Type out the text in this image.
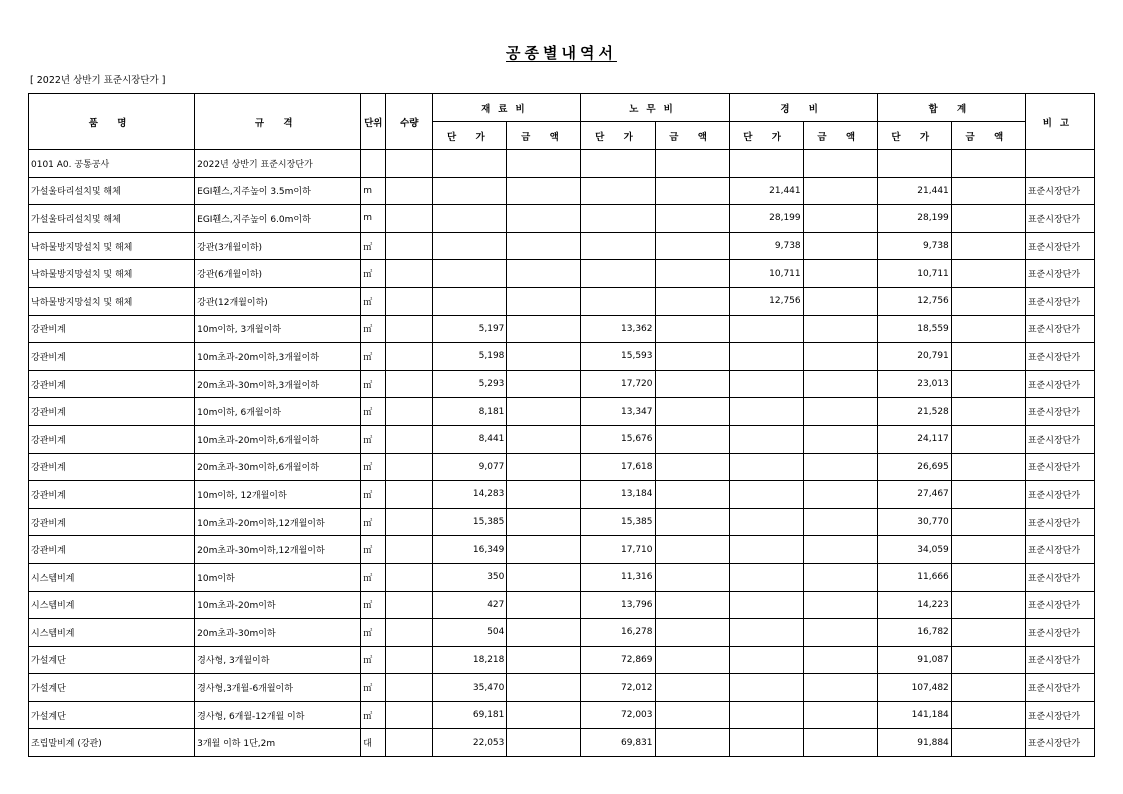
공종별내역서
[ 2022년 상반기 표준시장단가 ]
품 명	규 격	단위	수량	재료비		노무비		경 비		합 계		비고
				단 가	금 액	단 가	금 액	단 가	금 액	단 가	금 액	
0101 A0. 공통공사	2022년 상반기 표준시장단가											
가설울타리설치및 해체	EGI휀스,지주높이 3.5m이하	m						21,441		21,441		표준시장단가
가설울타리설치및 해체	EGI휀스,지주높이 6.0m이하	m						28,199		28,199		표준시장단가
낙하물방지망설치 및 해체	강관(3개월이하)	㎡						9,738		9,738		표준시장단가
낙하물방지망설치 및 해체	강관(6개월이하)	㎡						10,711		10,711		표준시장단가
낙하물방지망설치 및 해체	강관(12개월이하)	㎡						12,756		12,756		표준시장단가
강관비계	10m이하, 3개월이하	㎡		5,197		13,362				18,559		표준시장단가
강관비계	10m초과-20m이하,3개월이하	㎡		5,198		15,593				20,791		표준시장단가
강관비계	20m초과-30m이하,3개월이하	㎡		5,293		17,720				23,013		표준시장단가
강관비계	10m이하, 6개월이하	㎡		8,181		13,347				21,528		표준시장단가
강관비계	10m초과-20m이하,6개월이하	㎡		8,441		15,676				24,117		표준시장단가
강관비계	20m초과-30m이하,6개월이하	㎡		9,077		17,618				26,695		표준시장단가
강관비계	10m이하, 12개월이하	㎡		14,283		13,184				27,467		표준시장단가
강관비계	10m초과-20m이하,12개월이하	㎡		15,385		15,385				30,770		표준시장단가
강관비계	20m초과-30m이하,12개월이하	㎡		16,349		17,710				34,059		표준시장단가
시스템비계	10m이하	㎡		350		11,316				11,666		표준시장단가
시스템비계	10m초과-20m이하	㎡		427		13,796				14,223		표준시장단가
시스템비계	20m초과-30m이하	㎡		504		16,278				16,782		표준시장단가
가설계단	경사형, 3개월이하	㎡		18,218		72,869				91,087		표준시장단가
가설계단	경사형,3개월-6개월이하	㎡		35,470		72,012				107,482		표준시장단가
가설계단	경사형, 6개월-12개월 이하	㎡		69,181		72,003				141,184		표준시장단가
조립말비계 (강관)	3개월 이하 1단,2m	대		22,053		69,831				91,884		표준시장단가
